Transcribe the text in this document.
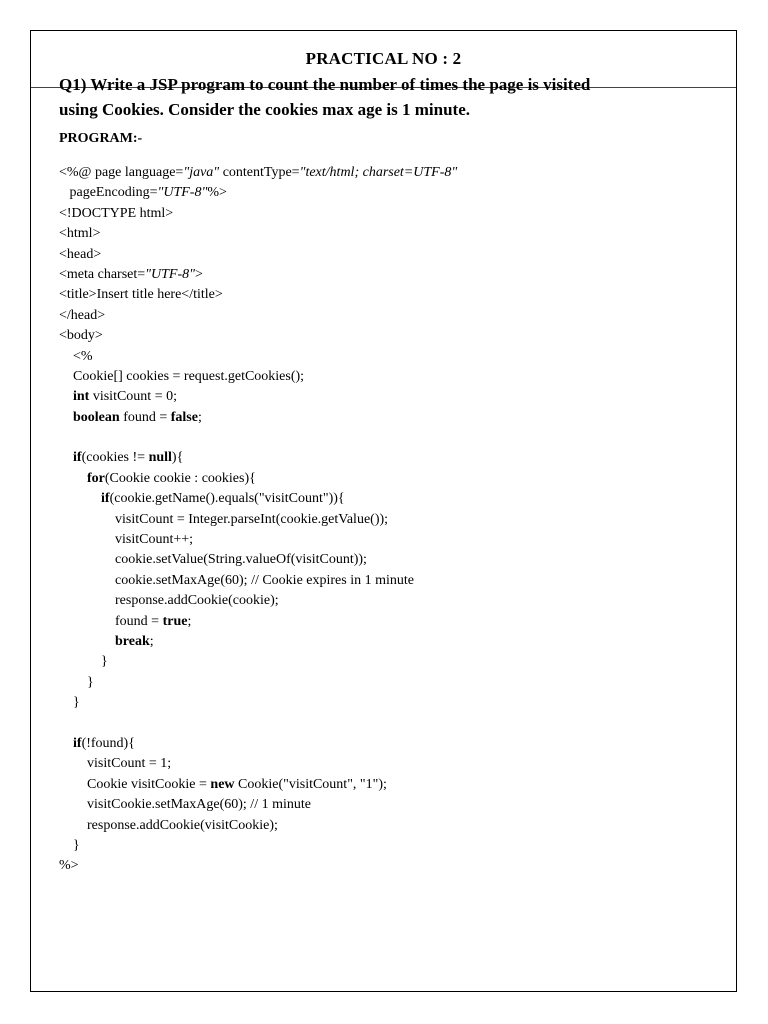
PRACTICAL NO : 2
Q1) Write a JSP program to count the number of times the page is visited
using Cookies. Consider the cookies max age is 1 minute.
PROGRAM:-
<%@ page language="java" contentType="text/html; charset=UTF-8"
pageEncoding="UTF-8"%>
<!DOCTYPE html>
<html>
<head>
<meta charset="UTF-8">
<title>Insert title here</title>
</head>
<body>
<%
Cookie[] cookies = request.getCookies();
int visitCount = 0;
boolean found = false;
if(cookies != null){
for(Cookie cookie : cookies){
if(cookie.getName().equals("visitCount")){
visitCount = Integer.parseInt(cookie.getValue());
visitCount++;
cookie.setValue(String.valueOf(visitCount));
cookie.setMaxAge(60); // Cookie expires in 1 minute
response.addCookie(cookie);
found = true;
break;
}
}
}
if(!found){
visitCount = 1;
Cookie visitCookie = new Cookie("visitCount", "1");
visitCookie.setMaxAge(60); // 1 minute
response.addCookie(visitCookie);
}
%>
